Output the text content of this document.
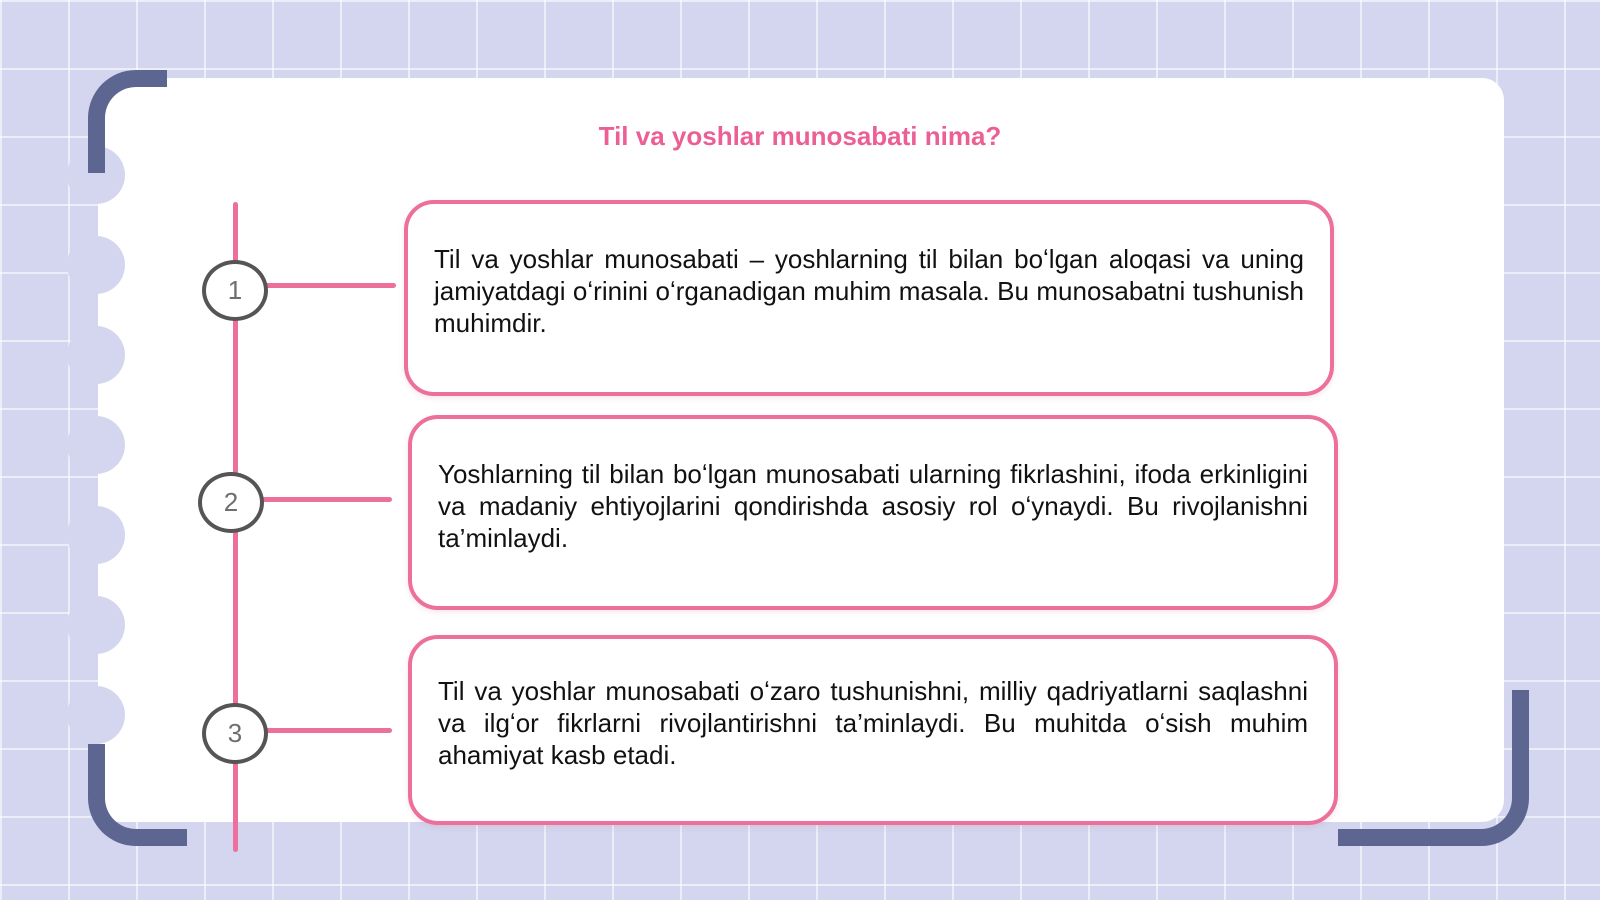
Til va yoshlar munosabati nima?
1

Til va yoshlar munosabati – yoshlarning til bilan boʻlgan aloqasi va uning jamiyatdagi oʻrinini oʻrganadigan muhim masala. Bu munosabatni tushunish muhimdir.

2

Yoshlarning til bilan boʻlgan munosabati ularning fikrlashini, ifoda erkinligini va madaniy ehtiyojlarini qondirishda asosiy rol oʻynaydi. Bu rivojlanishni ta’minlaydi.

3

Til va yoshlar munosabati oʻzaro tushunishni, milliy qadriyatlarni saqlashni va ilgʻor fikrlarni rivojlantirishni ta’minlaydi. Bu muhitda oʻsish muhim ahamiyat kasb etadi.
